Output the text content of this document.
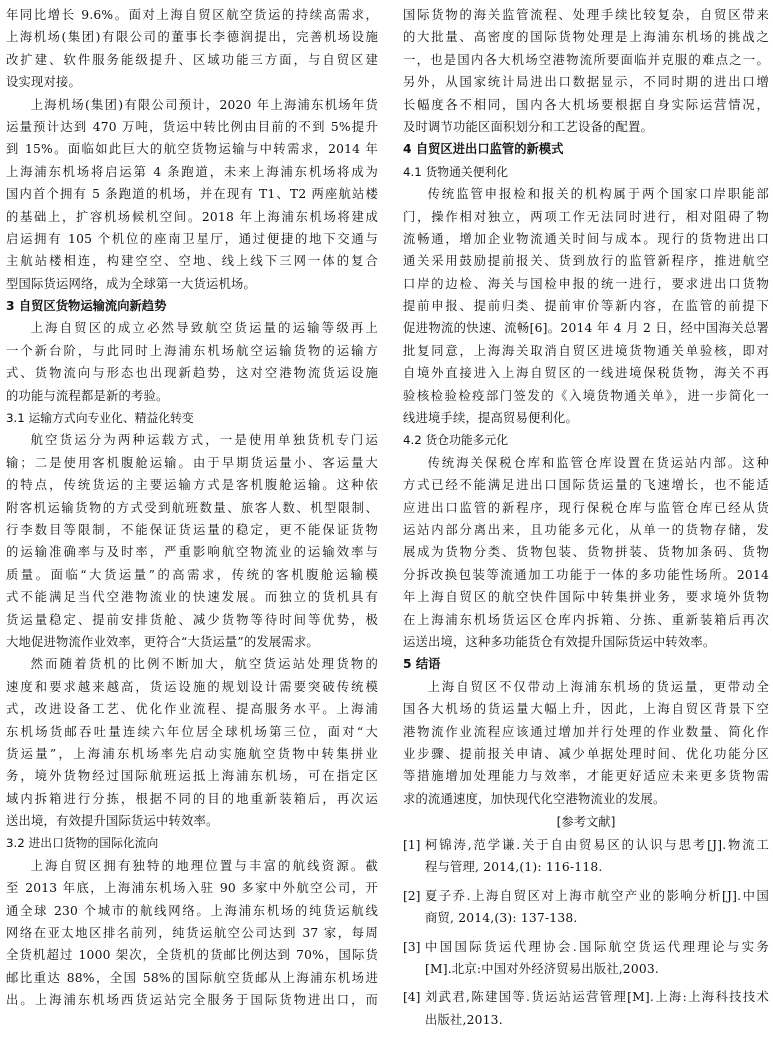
年同比增长 9.6%。面对上海自贸区航空货运的持续高需求，
上海机场(集团)有限公司的董事长李德润提出，完善机场设施
改扩建、软件服务能级提升、区域功能三方面，与自贸区建
设实现对接。
上海机场(集团)有限公司预计，2020 年上海浦东机场年货
运量预计达到 470 万吨，货运中转比例由目前的不到 5%提升
到 15%。面临如此巨大的航空货物运输与中转需求，2014 年
上海浦东机场将启运第 4 条跑道，未来上海浦东机场将成为
国内首个拥有 5 条跑道的机场，并在现有 T1、T2 两座航站楼
的基础上，扩容机场候机空间。2018 年上海浦东机场将建成
启运拥有 105 个机位的座南卫星厅，通过便捷的地下交通与
主航站楼相连，构建空空、空地、线上线下三网一体的复合
型国际货运网络，成为全球第一大货运机场。
3 自贸区货物运输流向新趋势
上海自贸区的成立必然导致航空货运量的运输等级再上
一个新台阶，与此同时上海浦东机场航空运输货物的运输方
式、货物流向与形态也出现新趋势，这对空港物流货运设施
的功能与流程都是新的考验。
3.1 运输方式向专业化、精益化转变
航空货运分为两种运载方式，一是使用单独货机专门运
输；二是使用客机腹舱运输。由于早期货运量小、客运量大
的特点，传统货运的主要运输方式是客机腹舱运输。这种依
附客机运输货物的方式受到航班数量、旅客人数、机型限制、
行李数目等限制，不能保证货运量的稳定，更不能保证货物
的运输准确率与及时率，严重影响航空物流业的运输效率与
质量。面临“大货运量”的高需求，传统的客机腹舱运输模
式不能满足当代空港物流业的快速发展。而独立的货机具有
货运量稳定、提前安排货舱、减少货物等待时间等优势，极
大地促进物流作业效率，更符合“大货运量”的发展需求。
然而随着货机的比例不断加大，航空货运站处理货物的
速度和要求越来越高，货运设施的规划设计需要突破传统模
式，改进设备工艺、优化作业流程、提高服务水平。上海浦
东机场货邮吞吐量连续六年位居全球机场第三位，面对“大
货运量”，上海浦东机场率先启动实施航空货物中转集拼业
务，境外货物经过国际航班运抵上海浦东机场，可在指定区
域内拆箱进行分拣，根据不同的目的地重新装箱后，再次运
送出境，有效提升国际货运中转效率。
3.2 进出口货物的国际化流向
上海自贸区拥有独特的地理位置与丰富的航线资源。截
至 2013 年底，上海浦东机场入驻 90 多家中外航空公司，开
通全球 230 个城市的航线网络。上海浦东机场的纯货运航线
网络在亚太地区排名前列，纯货运航空公司达到 37 家，每周
全货机超过 1000 架次，全货机的货邮比例达到 70%，国际货
邮比重达 88%，全国 58%的国际航空货邮从上海浦东机场进
出。上海浦东机场西货运站完全服务于国际货物进出口，而
国际货物的海关监管流程、处理手续比较复杂，自贸区带来
的大批量、高密度的国际货物处理是上海浦东机场的挑战之
一，也是国内各大机场空港物流所要面临并克服的难点之一。
另外，从国家统计局进出口数据显示，不同时期的进出口增
长幅度各不相同，国内各大机场要根据自身实际运营情况，
及时调节功能区面积划分和工艺设备的配置。
4 自贸区进出口监管的新模式
4.1 货物通关便利化
传统监管申报检和报关的机构属于两个国家口岸职能部
门，操作相对独立，两项工作无法同时进行，相对阻碍了物
流畅通，增加企业物流通关时间与成本。现行的货物进出口
通关采用鼓励提前报关、货到放行的监管新程序，推进航空
口岸的边检、海关与国检申报的统一进行，要求进出口货物
提前申报、提前归类、提前审价等新内容，在监管的前提下
促进物流的快速、流畅[6]。2014 年 4 月 2 日，经中国海关总署
批复同意，上海海关取消自贸区进境货物通关单验核，即对
自境外直接进入上海自贸区的一线进境保税货物，海关不再
验核检验检疫部门签发的《入境货物通关单》，进一步简化一
线进境手续，提高贸易便利化。
4.2 货仓功能多元化
传统海关保税仓库和监管仓库设置在货运站内部。这种
方式已经不能满足进出口国际货运量的飞速增长，也不能适
应进出口监管的新程序，现行保税仓库与监管仓库已经从货
运站内部分离出来，且功能多元化，从单一的货物存储，发
展成为货物分类、货物包装、货物拼装、货物加条码、货物
分拆改换包装等流通加工功能于一体的多功能性场所。2014
年上海自贸区的航空快件国际中转集拼业务，要求境外货物
在上海浦东机场货运区仓库内拆箱、分拣、重新装箱后再次
运送出境，这种多功能货仓有效提升国际货运中转效率。
5 结语
上海自贸区不仅带动上海浦东机场的货运量，更带动全
国各大机场的货运量大幅上升，因此，上海自贸区背景下空
港物流作业流程应该通过增加并行处理的作业数量、简化作
业步骤、提前报关申请、减少单据处理时间、优化功能分区
等措施增加处理能力与效率，才能更好适应未来更多货物需
求的流通速度，加快现代化空港物流业的发展。
[参考文献]
[1] 柯锦涛,范学谦.关于自由贸易区的认识与思考[J].物流工
程与管理, 2014,(1): 116-118.
[2] 夏子乔.上海自贸区对上海市航空产业的影响分析[J].中国
商贸, 2014,(3): 137-138.
[3] 中国国际货运代理协会.国际航空货运代理理论与实务
[M].北京:中国对外经济贸易出版社,2003.
[4] 刘武君,陈建国等.货运站运营管理[M].上海:上海科技技术
出版社,2013.
